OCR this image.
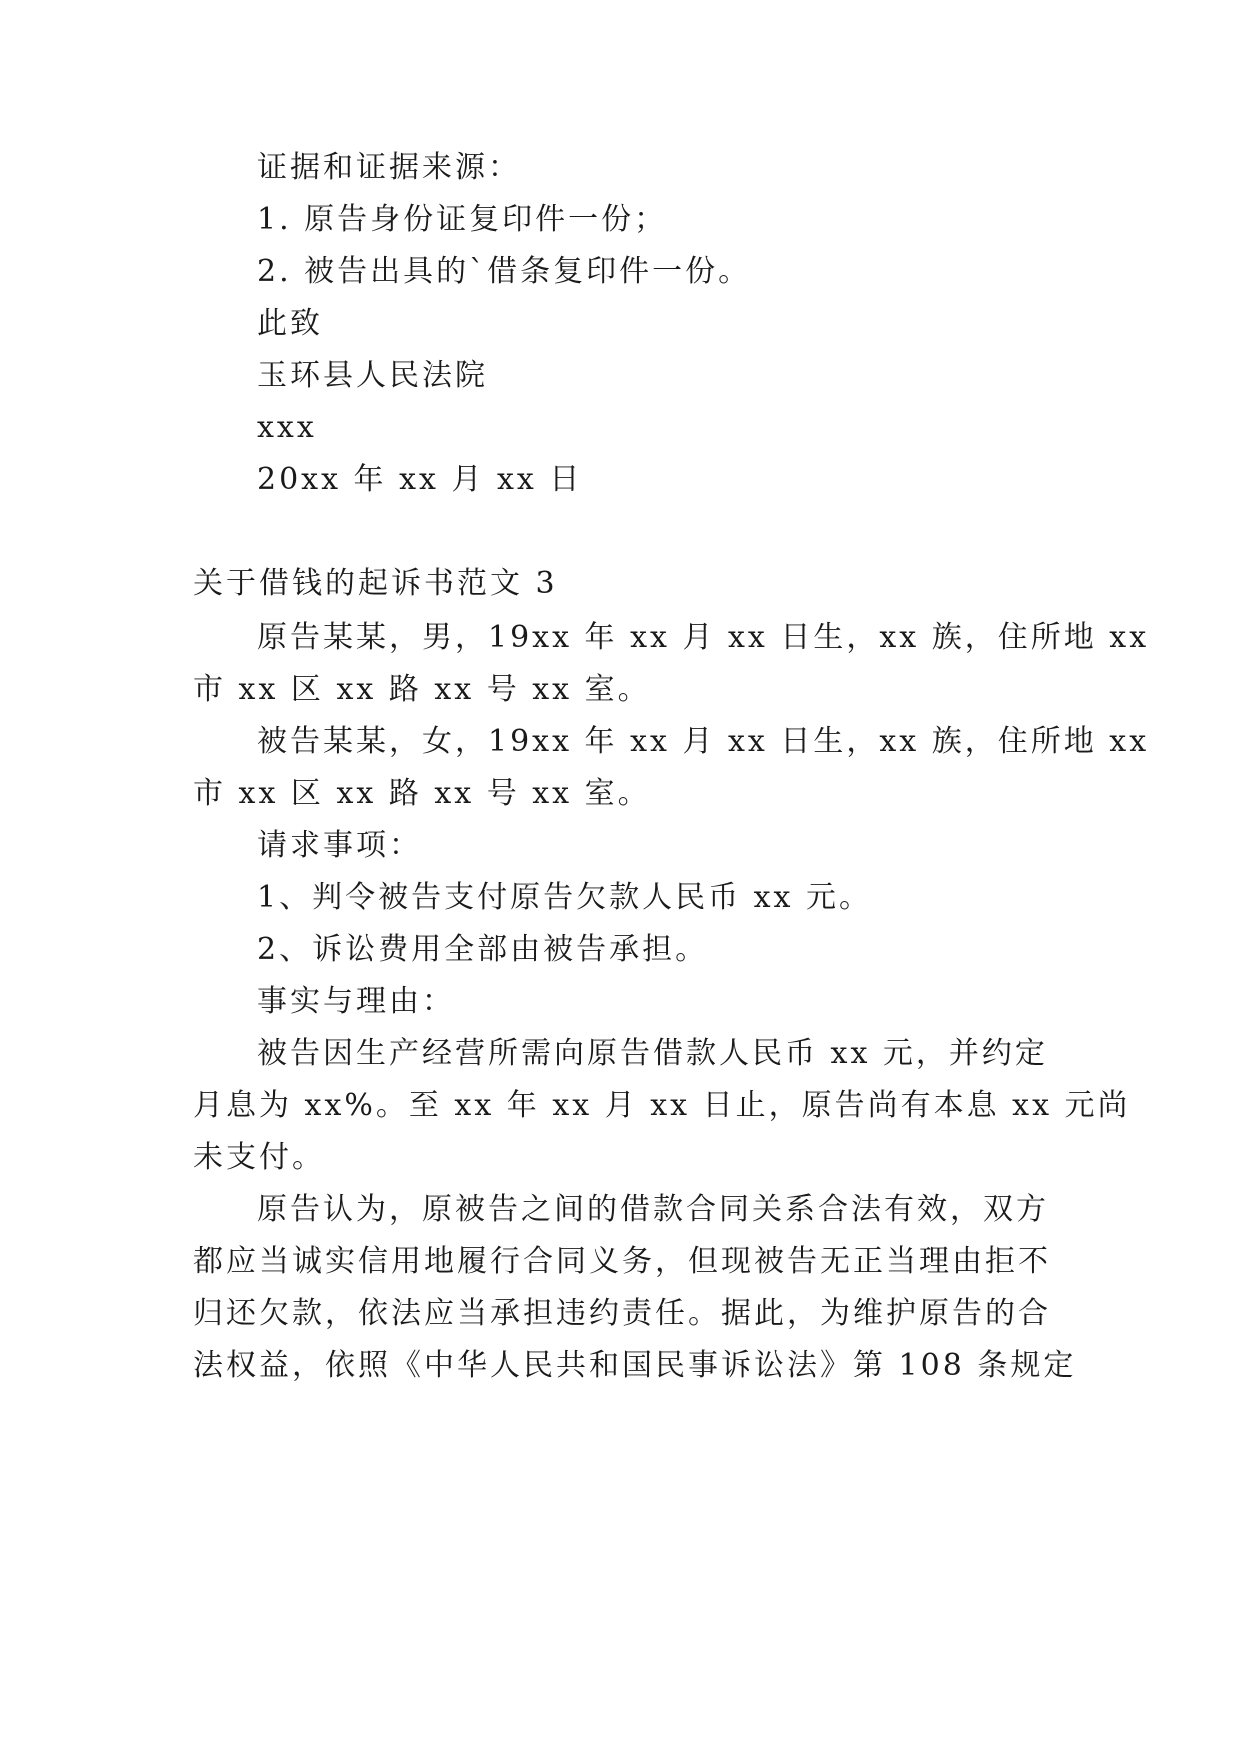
证据和证据来源：
1. 原告身份证复印件一份；
2. 被告出具的`借条复印件一份。
此致
玉环县人民法院
xxx
20xx 年 xx 月 xx 日
关于借钱的起诉书范文 3
原告某某，男，19xx 年 xx 月 xx 日生，xx 族，住所地 xx
市 xx 区 xx 路 xx 号 xx 室。
被告某某，女，19xx 年 xx 月 xx 日生，xx 族，住所地 xx
市 xx 区 xx 路 xx 号 xx 室。
请求事项：
1、判令被告支付原告欠款人民币 xx 元。
2、诉讼费用全部由被告承担。
事实与理由：
被告因生产经营所需向原告借款人民币 xx 元，并约定
月息为 xx%。至 xx 年 xx 月 xx 日止，原告尚有本息 xx 元尚
未支付。
原告认为，原被告之间的借款合同关系合法有效，双方
都应当诚实信用地履行合同义务，但现被告无正当理由拒不
归还欠款，依法应当承担违约责任。据此，为维护原告的合
法权益，依照《中华人民共和国民事诉讼法》第 108 条规定
